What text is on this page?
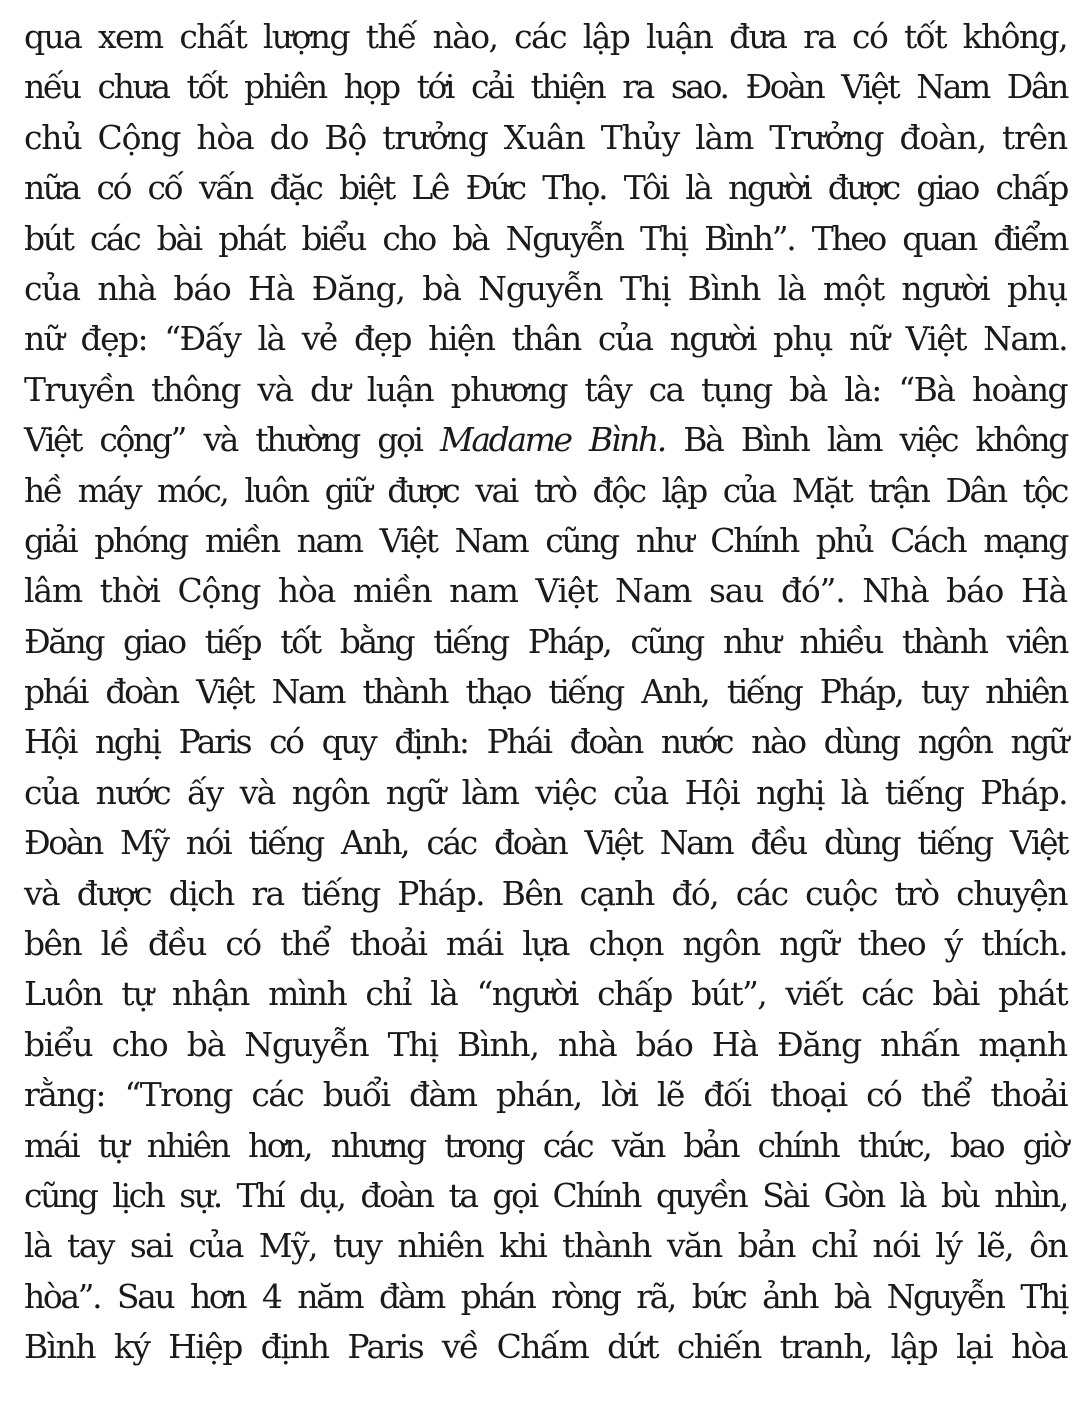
qua xem chất lượng thế nào, các lập luận đưa ra có tốt không,
nếu chưa tốt phiên họp tới cải thiện ra sao. Đoàn Việt Nam Dân
chủ Cộng hòa do Bộ trưởng Xuân Thủy làm Trưởng đoàn, trên
nữa có cố vấn đặc biệt Lê Đức Thọ. Tôi là người được giao chấp
bút các bài phát biểu cho bà Nguyễn Thị Bình”. Theo quan điểm
của nhà báo Hà Đăng, bà Nguyễn Thị Bình là một người phụ
nữ đẹp: “Đấy là vẻ đẹp hiện thân của người phụ nữ Việt Nam.
Truyền thông và dư luận phương tây ca tụng bà là: “Bà hoàng
Việt cộng” và thường gọi Madame Bình. Bà Bình làm việc không
hề máy móc, luôn giữ được vai trò độc lập của Mặt trận Dân tộc
giải phóng miền nam Việt Nam cũng như Chính phủ Cách mạng
lâm thời Cộng hòa miền nam Việt Nam sau đó”. Nhà báo Hà
Đăng giao tiếp tốt bằng tiếng Pháp, cũng như nhiều thành viên
phái đoàn Việt Nam thành thạo tiếng Anh, tiếng Pháp, tuy nhiên
Hội nghị Paris có quy định: Phái đoàn nước nào dùng ngôn ngữ
của nước ấy và ngôn ngữ làm việc của Hội nghị là tiếng Pháp.
Đoàn Mỹ nói tiếng Anh, các đoàn Việt Nam đều dùng tiếng Việt
và được dịch ra tiếng Pháp. Bên cạnh đó, các cuộc trò chuyện
bên lề đều có thể thoải mái lựa chọn ngôn ngữ theo ý thích.
Luôn tự nhận mình chỉ là “người chấp bút”, viết các bài phát
biểu cho bà Nguyễn Thị Bình, nhà báo Hà Đăng nhấn mạnh
rằng: “Trong các buổi đàm phán, lời lẽ đối thoại có thể thoải
mái tự nhiên hơn, nhưng trong các văn bản chính thức, bao giờ
cũng lịch sự. Thí dụ, đoàn ta gọi Chính quyền Sài Gòn là bù nhìn,
là tay sai của Mỹ, tuy nhiên khi thành văn bản chỉ nói lý lẽ, ôn
hòa”. Sau hơn 4 năm đàm phán ròng rã, bức ảnh bà Nguyễn Thị
Bình ký Hiệp định Paris về Chấm dứt chiến tranh, lập lại hòa
